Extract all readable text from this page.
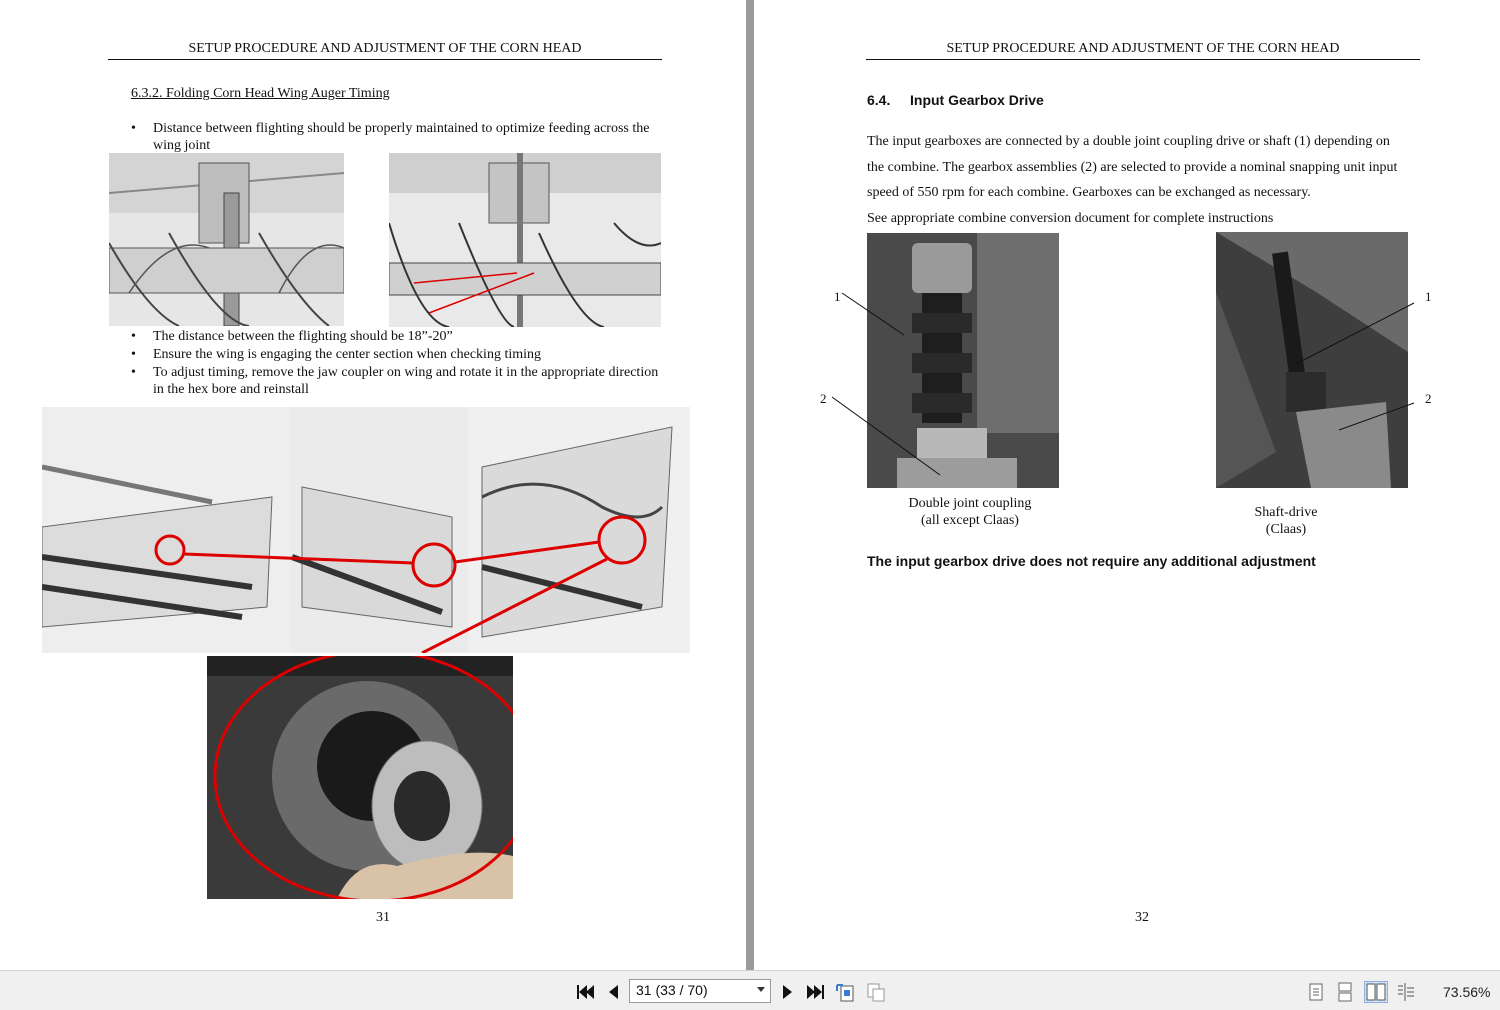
SETUP PROCEDURE AND ADJUSTMENT OF THE CORN HEAD
6.3.2. Folding Corn Head Wing Auger Timing
• Distance between flighting should be properly maintained to optimize feeding across the wing joint
• The distance between the flighting should be 18”-20”
• Ensure the wing is engaging the center section when checking timing
• To adjust timing, remove the jaw coupler on wing and rotate it in the appropriate direction in the hex bore and reinstall
31
SETUP PROCEDURE AND ADJUSTMENT OF THE CORN HEAD
6.4. Input Gearbox Drive
The input gearboxes are connected by a double joint coupling drive or shaft (1) depending on
the combine. The gearbox assemblies (2) are selected to provide a nominal snapping unit input
speed of 550 rpm for each combine. Gearboxes can be exchanged as necessary.
See appropriate combine conversion document for complete instructions
1
2
Double joint coupling
(all except Claas)
1
2
Shaft-drive
(Claas)
The input gearbox drive does not require any additional adjustment
32
31 (33 / 70)	73.56%
